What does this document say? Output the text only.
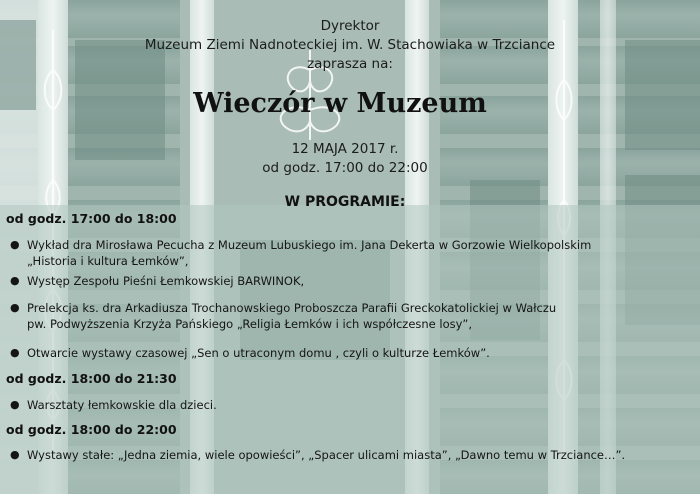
Dyrektor
Muzeum Ziemi Nadnoteckiej im. W. Stachowiaka w Trzciance
zaprasza na:
Wieczór w Muzeum
12 MAJA 2017 r.
od godz. 17:00 do 22:00
W PROGRAMIE:
od godz. 17:00 do 18:00
● Wykład dra Mirosława Pecucha z Muzeum Lubuskiego im. Jana Dekerta w Gorzowie Wielkopolskim
„Historia i kultura Łemków”,
● Występ Zespołu Pieśni Łemkowskiej BARWINOK,
● Prelekcja ks. dra Arkadiusza Trochanowskiego Proboszcza Parafii Greckokatolickiej w Wałczu
pw. Podwyższenia Krzyża Pańskiego „Religia Łemków i ich współczesne losy”,
● Otwarcie wystawy czasowej „Sen o utraconym domu , czyli o kulturze Łemków”.
od godz. 18:00 do 21:30
● Warsztaty łemkowskie dla dzieci.
od godz. 18:00 do 22:00
● Wystawy stałe: „Jedna ziemia, wiele opowieści”, „Spacer ulicami miasta”, „Dawno temu w Trzciance…”.
